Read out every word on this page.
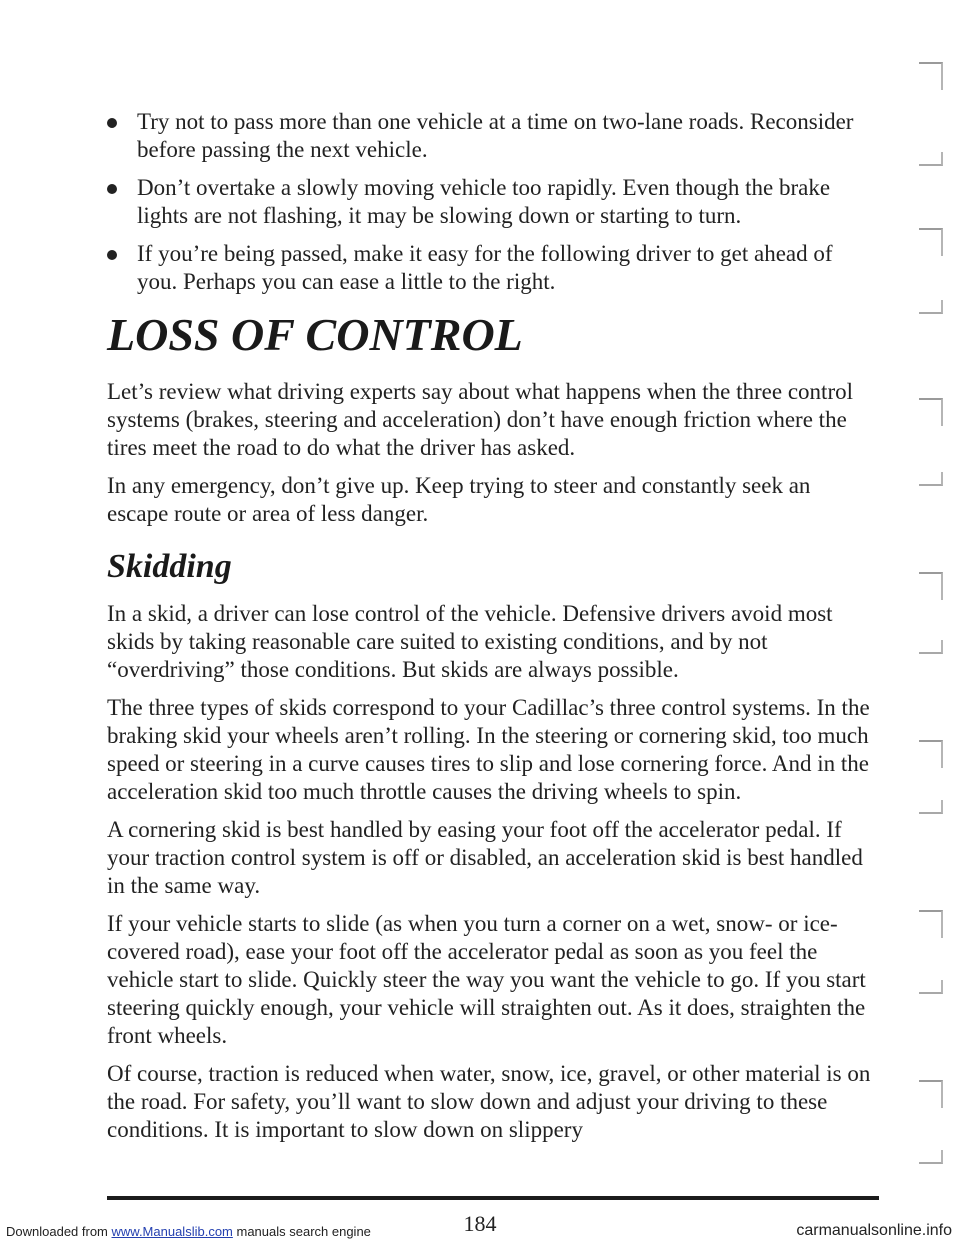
Try not to pass more than one vehicle at a time on two-lane roads. Reconsider before passing the next vehicle.
Don’t overtake a slowly moving vehicle too rapidly. Even though the brake lights are not flashing, it may be slowing down or starting to turn.
If you’re being passed, make it easy for the following driver to get ahead of you. Perhaps you can ease a little to the right.
LOSS OF CONTROL

Let’s review what driving experts say about what happens when the three control systems (brakes, steering and acceleration) don’t have enough friction where the tires meet the road to do what the driver has asked.

In any emergency, don’t give up. Keep trying to steer and constantly seek an escape route or area of less danger.

Skidding

In a skid, a driver can lose control of the vehicle. Defensive drivers avoid most skids by taking reasonable care suited to existing conditions, and by not “overdriving” those conditions. But skids are always possible.

The three types of skids correspond to your Cadillac’s three control systems. In the braking skid your wheels aren’t rolling. In the steering or cornering skid, too much speed or steering in a curve causes tires to slip and lose cornering force. And in the acceleration skid too much throttle causes the driving wheels to spin.

A cornering skid is best handled by easing your foot off the accelerator pedal. If your traction control system is off or disabled, an acceleration skid is best handled in the same way.

If your vehicle starts to slide (as when you turn a corner on a wet, snow- or ice-covered road), ease your foot off the accelerator pedal as soon as you feel the vehicle start to slide. Quickly steer the way you want the vehicle to go. If you start steering quickly enough, your vehicle will straighten out. As it does, straighten the front wheels.

Of course, traction is reduced when water, snow, ice, gravel, or other material is on the road. For safety, you’ll want to slow down and adjust your driving to these conditions. It is important to slow down on slippery

184
Downloaded from www.Manualslib.com manuals search engine	carmanualsonline.info
